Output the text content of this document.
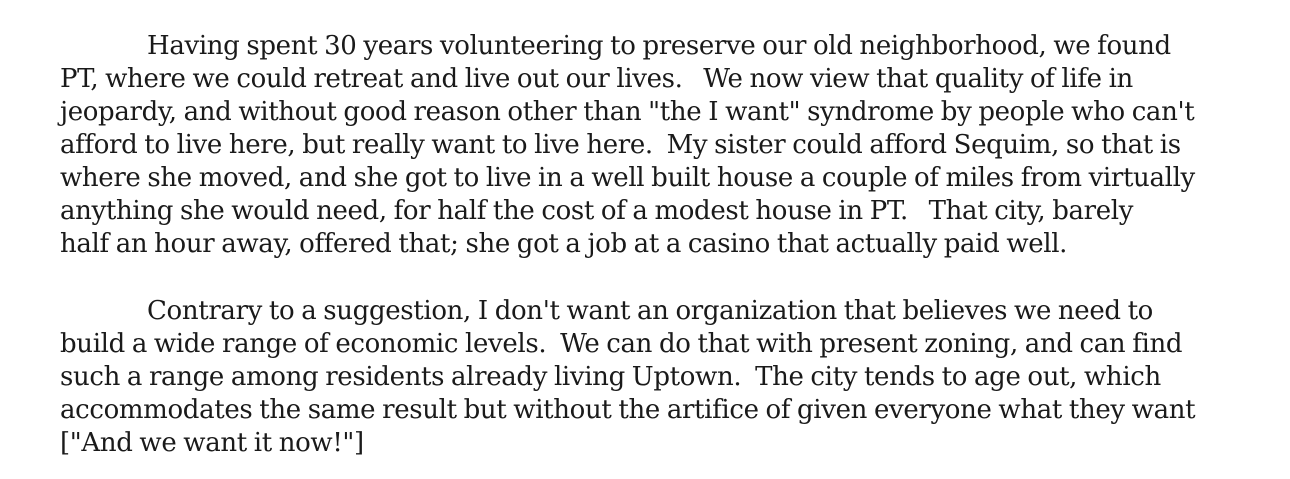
Having spent 30 years volunteering to preserve our old neighborhood, we found
PT, where we could retreat and live out our lives.   We now view that quality of life in
jeopardy, and without good reason other than "the I want" syndrome by people who can't
afford to live here, but really want to live here.  My sister could afford Sequim, so that is
where she moved, and she got to live in a well built house a couple of miles from virtually
anything she would need, for half the cost of a modest house in PT.   That city, barely
half an hour away, offered that; she got a job at a casino that actually paid well.
Contrary to a suggestion, I don't want an organization that believes we need to
build a wide range of economic levels.  We can do that with present zoning, and can find
such a range among residents already living Uptown.  The city tends to age out, which
accommodates the same result but without the artifice of given everyone what they want
["And we want it now!"]
